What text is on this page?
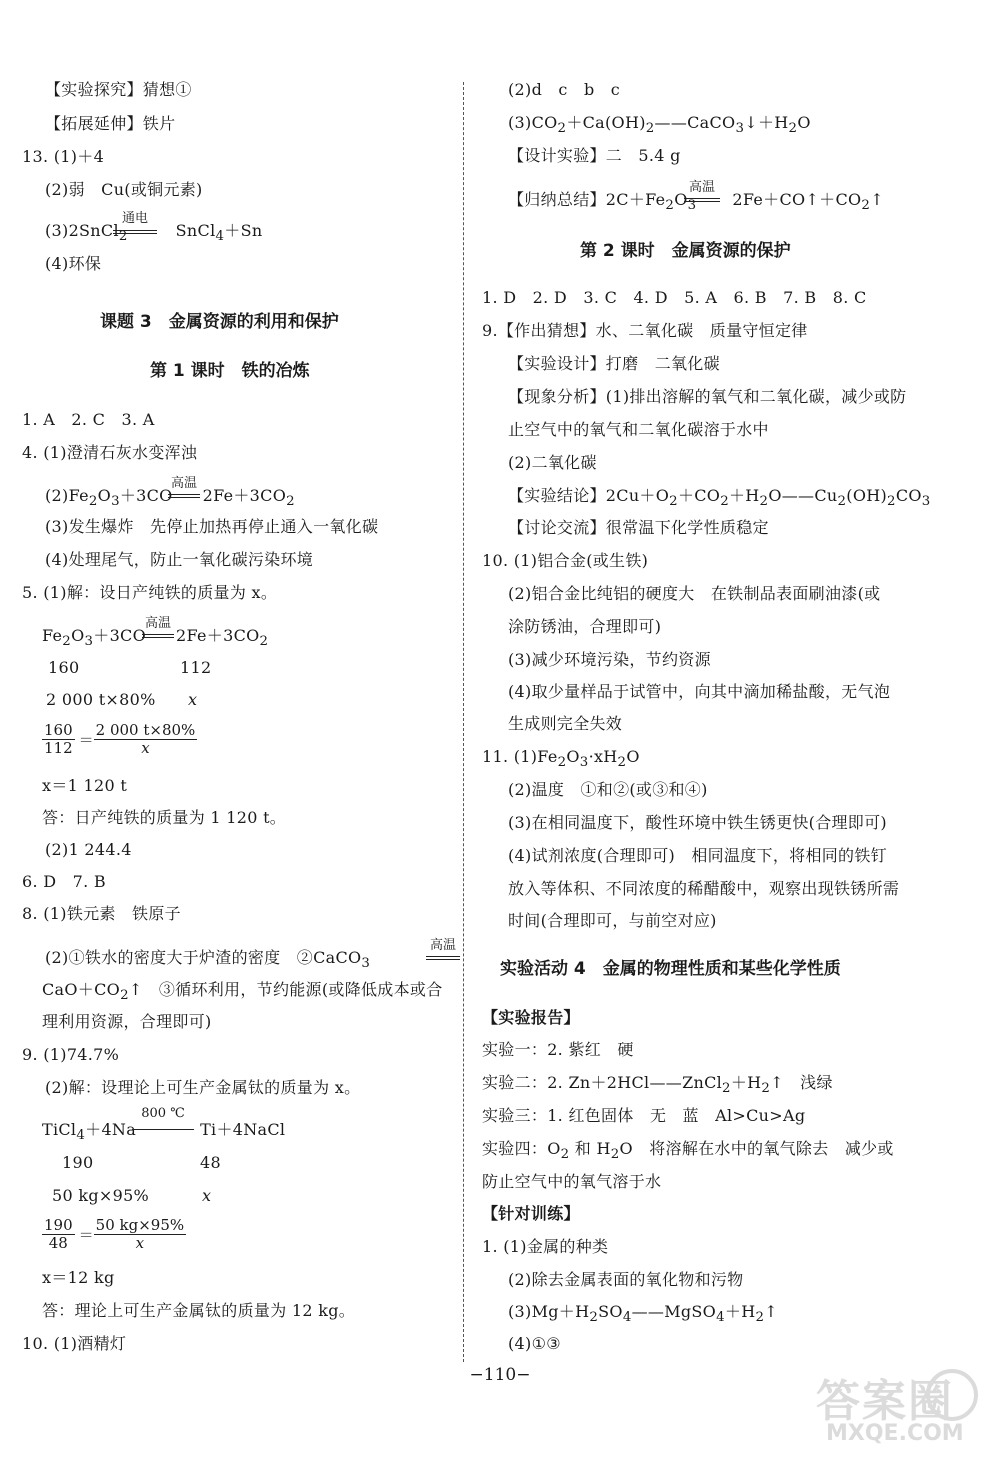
【实验探究】猜想①
【拓展延伸】铁片
13. (1)＋4
(2)弱　Cu(或铜元素)
(3)2SnCl$_2$	SnCl$_4$＋Sn
通电
(4)环保
课题 3　金属资源的利用和保护
第 1 课时　铁的冶炼
1. A　2. C　3. A
4. (1)澄清石灰水变浑浊
$(2)Fe_2O_3+3CO$ $2Fe+3CO_2$
高温
(3)发生爆炸　先停止加热再停止通入一氧化碳
(4)处理尾气，防止一氧化碳污染环境
5. (1)解：设日产纯铁的质量为 x。
$Fe_2O_3+3CO$ $2Fe+3CO_2$
高温
160	112
2 000 t×80% x
$\frac{160}{112} = \frac{2 000 t\times 80\%}{x}$
x＝1 120 t
答：日产纯铁的质量为 1 120 t。
(2)1 244.4
6. D　7. B
8. (1)铁元素　铁原子
(2)①铁水的密度大于炉渣的密度　②CaCO$_3$
高温
$CaO+CO_2↑$　③循环利用，节约能源(或降低成本或合
理利用资源，合理即可)
9. (1)74.7%
(2)解：设理论上可生产金属钛的质量为 x。
TiCl$_4$＋4Na	Ti＋4NaCl
800 ℃
190	48
50 kg×95%	x
$\frac{190}{48} = \frac{50 kg\times 95\%}{x}$
x＝12 kg
答：理论上可生产金属钛的质量为 12 kg。
10. (1)酒精灯
(2)d　c　b　c
$(3)CO_2+Ca(OH)_2——CaCO_3↓+H_2O$
【设计实验】二　5.4 g
【归纳总结】$2C+Fe_2O_3$ $2Fe+CO↑+CO_2↑$
高温
第 2 课时　金属资源的保护
1. D　2. D　3. C　4. D　5. A　6. B　7. B　8. C
9.【作出猜想】水、二氧化碳　质量守恒定律
【实验设计】打磨　二氧化碳
【现象分析】(1)排出溶解的氧气和二氧化碳，减少或防
止空气中的氧气和二氧化碳溶于水中
(2)二氧化碳
【实验结论】$2Cu+O_2+CO_2+H_2O——Cu_2(OH)_2CO_3$
【讨论交流】很常温下化学性质稳定
10. (1)铝合金(或生铁)
(2)铝合金比纯铝的硬度大　在铁制品表面刷油漆(或
涂防锈油，合理即可)
(3)减少环境污染，节约资源
(4)取少量样品于试管中，向其中滴加稀盐酸，无气泡
生成则完全失效
11. $(1)Fe_2O_3\cdot xH_2O$
(2)温度　①和②(或③和④)
(3)在相同温度下，酸性环境中铁生锈更快(合理即可)
(4)试剂浓度(合理即可)　相同温度下，将相同的铁钉
放入等体积、不同浓度的稀醋酸中，观察出现铁锈所需
时间(合理即可，与前空对应)
实验活动 4　金属的物理性质和某些化学性质
【实验报告】
实验一：2. 紫红　硬
实验二：2. $Zn+2HCl——ZnCl_2+H_2↑$　浅绿
实验三：1. 红色固体　无　蓝　Al>Cu>Ag
实验四：$O_2$ 和 $H_2O$　将溶解在水中的氧气除去　减少或
防止空气中的氧气溶于水
【针对训练】
1. (1)金属的种类
(2)除去金属表面的氧化物和污物
$(3)Mg+H_2SO_4——MgSO_4+H_2↑$
(4)①③
−110−
答案圈
MXQE.COM
